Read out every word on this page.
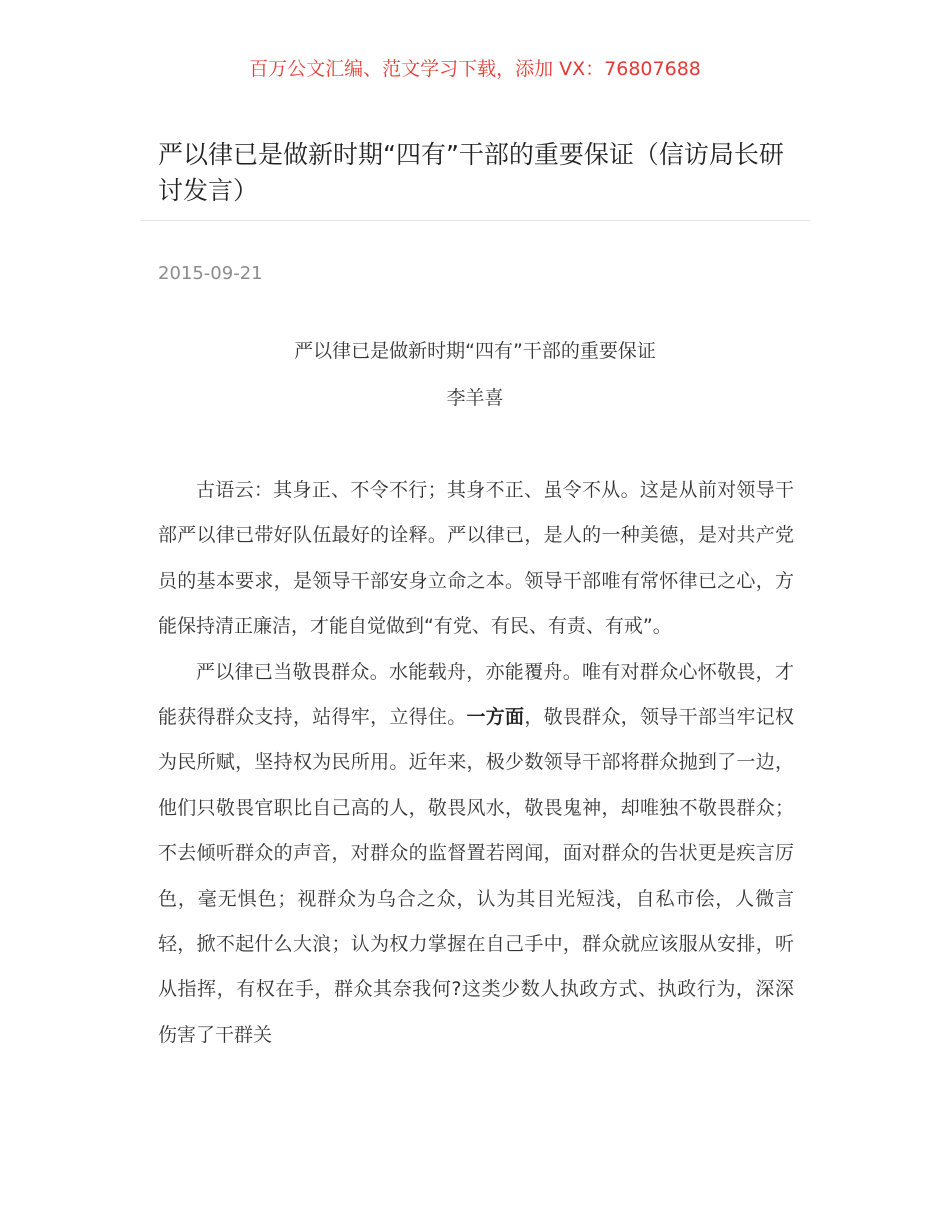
百万公文汇编、范文学习下载，添加 VX：76807688
严以律已是做新时期“四有”干部的重要保证（信访局长研讨发言）
2015-09-21
严以律已是做新时期“四有”干部的重要保证
李羊喜

古语云：其身正、不令不行；其身不正、虽令不从。这是从前对领导干部严以律已带好队伍最好的诠释。严以律已，是人的一种美德，是对共产党员的基本要求，是领导干部安身立命之本。领导干部唯有常怀律已之心，方能保持清正廉洁，才能自觉做到“有党、有民、有责、有戒”。

严以律已当敬畏群众。水能载舟，亦能覆舟。唯有对群众心怀敬畏，才能获得群众支持，站得牢，立得住。一方面，敬畏群众，领导干部当牢记权为民所赋，坚持权为民所用。近年来，极少数领导干部将群众抛到了一边，他们只敬畏官职比自己高的人，敬畏风水，敬畏鬼神，却唯独不敬畏群众；不去倾听群众的声音，对群众的监督置若罔闻，面对群众的告状更是疾言厉色，毫无惧色；视群众为乌合之众，认为其目光短浅，自私市侩，人微言轻，掀不起什么大浪；认为权力掌握在自己手中，群众就应该服从安排，听从指挥，有权在手，群众其奈我何?这类少数人执政方式、执政行为，深深伤害了干群关
